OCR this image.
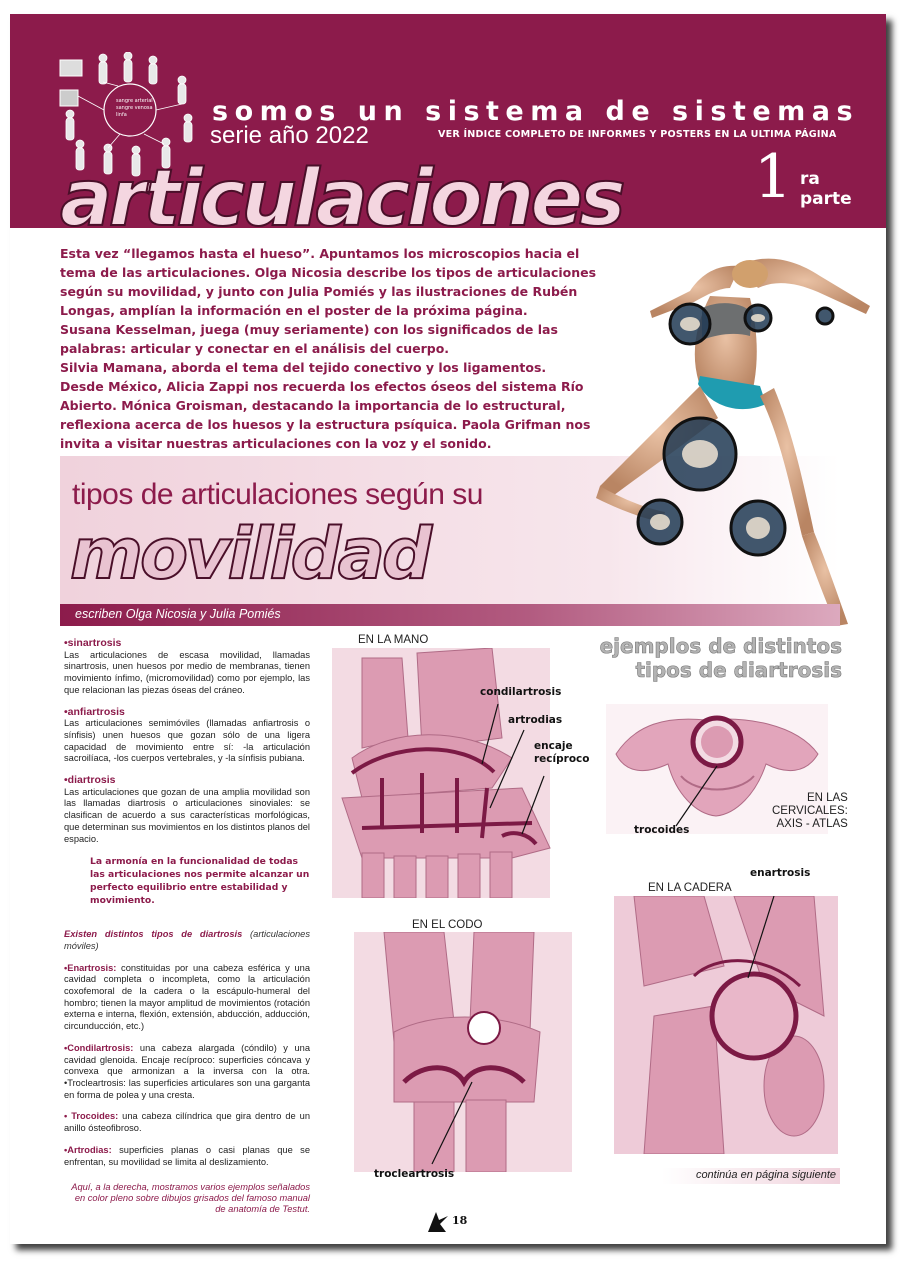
sangre arterial
sangre venosa
linfa	somos un sistema de sistemas
serie año 2022	VER ÍNDICE COMPLETO DE INFORMES Y POSTERS EN LA ULTIMA PÁGINA
articulaciones 1 ra
parte

Esta vez “llegamos hasta el hueso”. Apuntamos los microscopios hacia el tema de las articulaciones. Olga Nicosia describe los tipos de articulaciones según su movilidad, y junto con Julia Pomiés y las ilustraciones de Rubén Longas, amplían la información en el poster de la próxima página.

Susana Kesselman, juega (muy seriamente) con los significados de las palabras: articular y conectar en el análisis del cuerpo.

Silvia Mamana, aborda el tema del tejido conectivo y los ligamentos.

Desde México, Alicia Zappi nos recuerda los efectos óseos del sistema Río Abierto. Mónica Groisman, destacando la importancia de lo estructural, reflexiona acerca de los huesos y la estructura psíquica. Paola Grifman nos invita a visitar nuestras articulaciones con la voz y el sonido.

tipos de articulaciones según su
movilidad
escriben Olga Nicosia y Julia Pomiés
•sinartrosis

Las articulaciones de escasa movilidad, llamadas sinartrosis, unen huesos por medio de membranas, tienen movimiento ínfimo, (micromovilidad) como por ejemplo, las que relacionan las piezas óseas del cráneo.

•anfiartrosis

Las articulaciones semimóviles (llamadas anfiartrosis o sínfisis) unen huesos que gozan sólo de una ligera capacidad de movimiento entre sí: -la articulación sacroilíaca, -los cuerpos vertebrales, y -la sínfisis pubiana.

•diartrosis

Las articulaciones que gozan de una amplia movilidad son las llamadas diartrosis o articulaciones sinoviales: se clasifican de acuerdo a sus características morfológicas, que determinan sus movimientos en los distintos planos del espacio.

La armonía en la funcionalidad de todas las articulaciones nos permite alcanzar un perfecto equilibrio entre estabilidad y movimiento.

Existen distintos tipos de diartrosis (articulaciones móviles)

•Enartrosis: constituidas por una cabeza esférica y una cavidad completa o incompleta, como la articulación coxofemoral de la cadera o la escápulo-humeral del hombro; tienen la mayor amplitud de movimientos (rotación externa e interna, flexión, extensión, abducción, adducción, circunducción, etc.)

•Condilartrosis: una cabeza alargada (cóndilo) y una cavidad glenoida. Encaje recíproco: superficies cóncava y convexa que armonizan a la inversa con la otra. •Trocleartrosis: las superficies articulares son una garganta en forma de polea y una cresta.

• Trocoides: una cabeza cilíndrica que gira dentro de un anillo ósteofibroso.

•Artrodias: superficies planas o casi planas que se enfrentan, su movilidad se limita al deslizamiento.

Aquí, a la derecha, mostramos varios ejemplos señalados en color pleno sobre dibujos grisados del famoso manual de anatomía de Testut.
ejemplos de distintos
tipos de diartrosis
EN LA MANO
condilartrosis
artrodias
encaje
recíproco
EN LAS
CERVICALES:
AXIS - ATLAS
trocoides
EN LA CADERA
enartrosis
EN EL CODO
trocleartrosis	continúa en página siguiente
18
